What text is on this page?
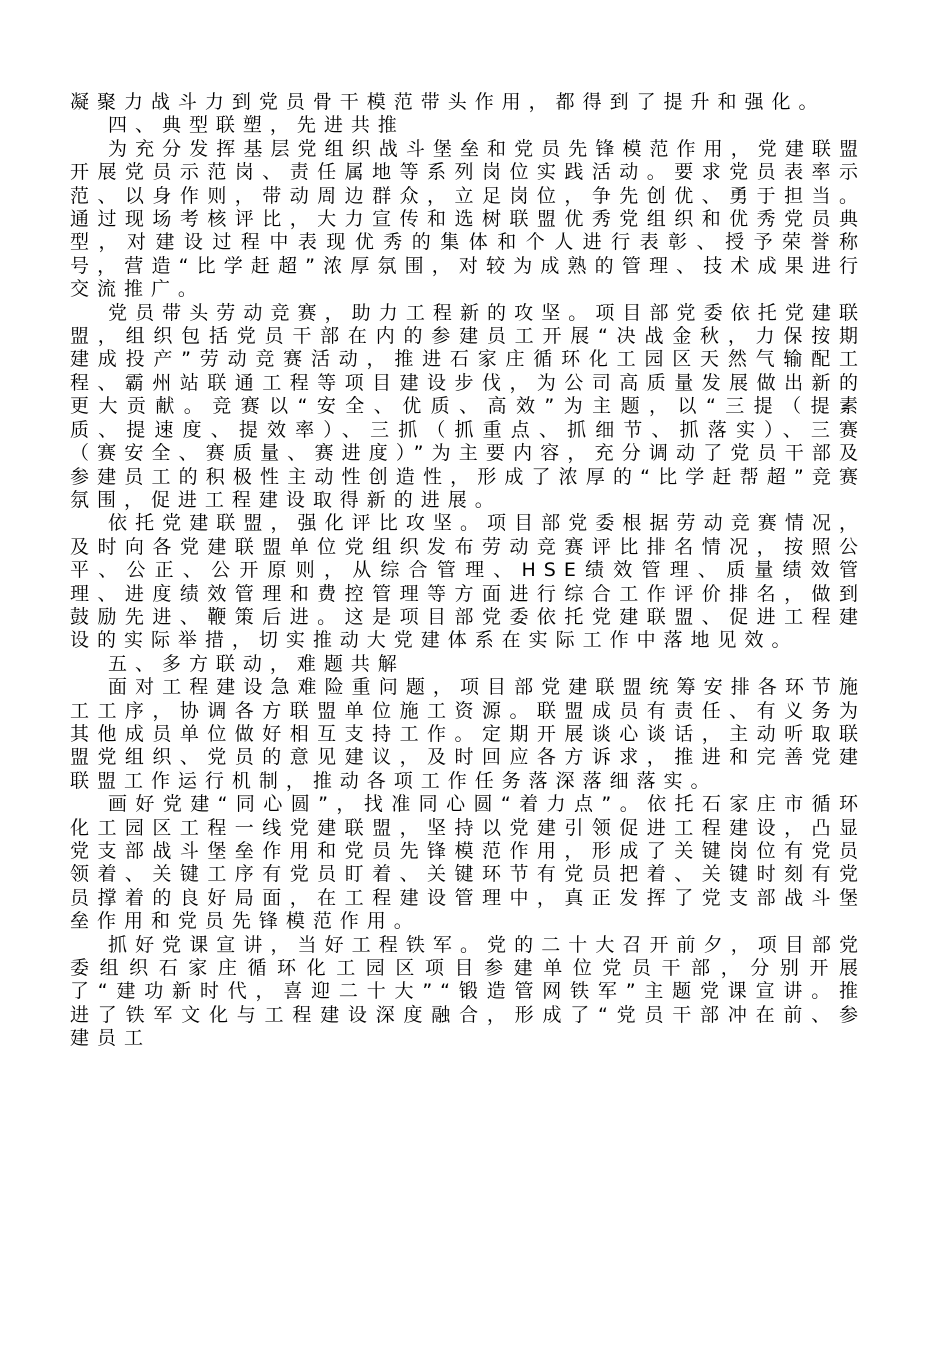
凝聚力战斗力到党员骨干模范带头作用，都得到了提升和强化。

四、典型联塑，先进共推

为充分发挥基层党组织战斗堡垒和党员先锋模范作用，党建联盟开展党员示范岗、责任属地等系列岗位实践活动。要求党员表率示范、以身作则，带动周边群众，立足岗位，争先创优、勇于担当。通过现场考核评比，大力宣传和选树联盟优秀党组织和优秀党员典型，对建设过程中表现优秀的集体和个人进行表彰、授予荣誉称号，营造“比学赶超”浓厚氛围，对较为成熟的管理、技术成果进行交流推广。

党员带头劳动竞赛，助力工程新的攻坚。项目部党委依托党建联盟，组织包括党员干部在内的参建员工开展“决战金秋，力保按期建成投产”劳动竞赛活动，推进石家庄循环化工园区天然气输配工程、霸州站联通工程等项目建设步伐，为公司高质量发展做出新的更大贡献。竞赛以“安全、优质、高效”为主题，以“三提（提素质、提速度、提效率）、三抓（抓重点、抓细节、抓落实）、三赛（赛安全、赛质量、赛进度）”为主要内容，充分调动了党员干部及参建员工的积极性主动性创造性，形成了浓厚的“比学赶帮超”竞赛氛围，促进工程建设取得新的进展。

依托党建联盟，强化评比攻坚。项目部党委根据劳动竞赛情况，及时向各党建联盟单位党组织发布劳动竞赛评比排名情况，按照公平、公正、公开原则，从综合管理、HSE绩效管理、质量绩效管理、进度绩效管理和费控管理等方面进行综合工作评价排名，做到鼓励先进、鞭策后进。这是项目部党委依托党建联盟、促进工程建设的实际举措，切实推动大党建体系在实际工作中落地见效。

五、多方联动，难题共解

面对工程建设急难险重问题，项目部党建联盟统筹安排各环节施工工序，协调各方联盟单位施工资源。联盟成员有责任、有义务为其他成员单位做好相互支持工作。定期开展谈心谈话，主动听取联盟党组织、党员的意见建议，及时回应各方诉求，推进和完善党建联盟工作运行机制，推动各项工作任务落深落细落实。

画好党建“同心圆”，找准同心圆“着力点”。依托石家庄市循环化工园区工程一线党建联盟，坚持以党建引领促进工程建设，凸显党支部战斗堡垒作用和党员先锋模范作用，形成了关键岗位有党员领着、关键工序有党员盯着、关键环节有党员把着、关键时刻有党员撑着的良好局面，在工程建设管理中，真正发挥了党支部战斗堡垒作用和党员先锋模范作用。

抓好党课宣讲，当好工程铁军。党的二十大召开前夕，项目部党委组织石家庄循环化工园区项目参建单位党员干部，分别开展了“建功新时代，喜迎二十大”“锻造管网铁军”主题党课宣讲。推进了铁军文化与工程建设深度融合，形成了“党员干部冲在前、参建员工
